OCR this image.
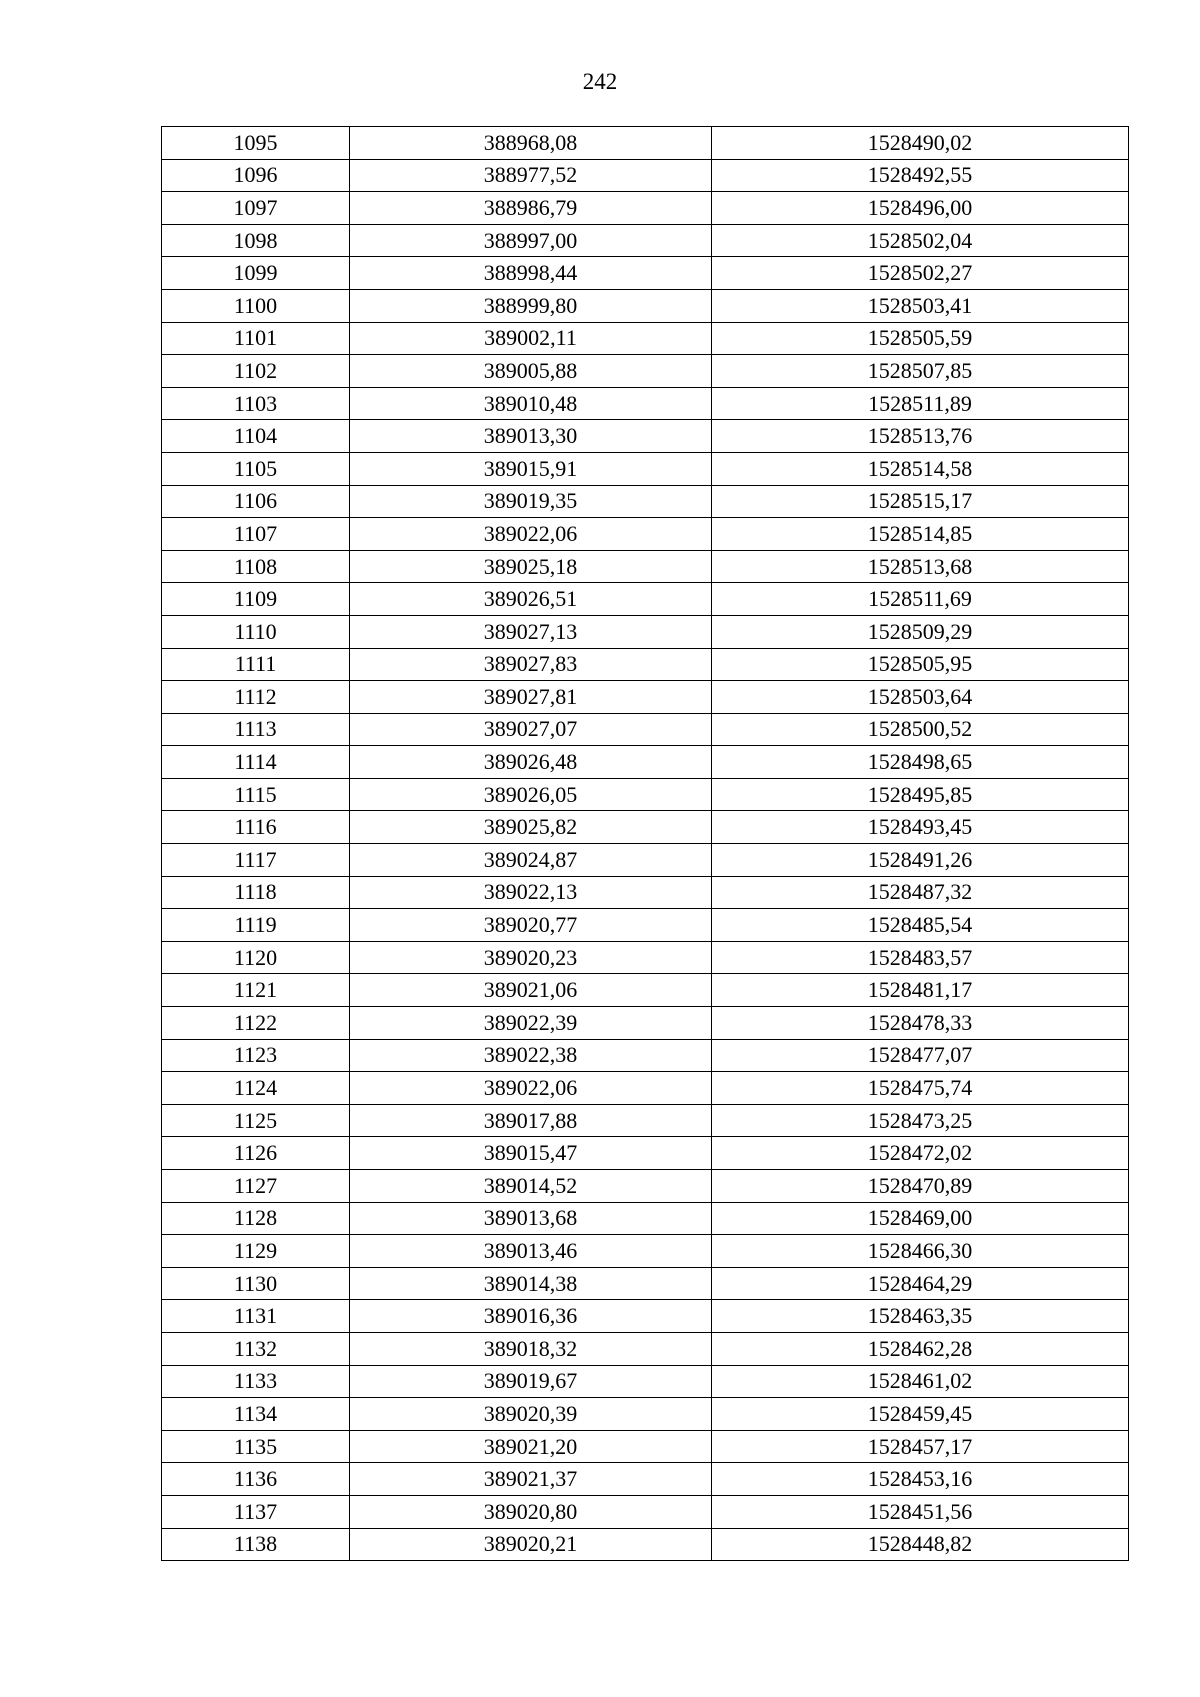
242
1095	388968,08	1528490,02
1096	388977,52	1528492,55
1097	388986,79	1528496,00
1098	388997,00	1528502,04
1099	388998,44	1528502,27
1100	388999,80	1528503,41
1101	389002,11	1528505,59
1102	389005,88	1528507,85
1103	389010,48	1528511,89
1104	389013,30	1528513,76
1105	389015,91	1528514,58
1106	389019,35	1528515,17
1107	389022,06	1528514,85
1108	389025,18	1528513,68
1109	389026,51	1528511,69
1110	389027,13	1528509,29
1111	389027,83	1528505,95
1112	389027,81	1528503,64
1113	389027,07	1528500,52
1114	389026,48	1528498,65
1115	389026,05	1528495,85
1116	389025,82	1528493,45
1117	389024,87	1528491,26
1118	389022,13	1528487,32
1119	389020,77	1528485,54
1120	389020,23	1528483,57
1121	389021,06	1528481,17
1122	389022,39	1528478,33
1123	389022,38	1528477,07
1124	389022,06	1528475,74
1125	389017,88	1528473,25
1126	389015,47	1528472,02
1127	389014,52	1528470,89
1128	389013,68	1528469,00
1129	389013,46	1528466,30
1130	389014,38	1528464,29
1131	389016,36	1528463,35
1132	389018,32	1528462,28
1133	389019,67	1528461,02
1134	389020,39	1528459,45
1135	389021,20	1528457,17
1136	389021,37	1528453,16
1137	389020,80	1528451,56
1138	389020,21	1528448,82
